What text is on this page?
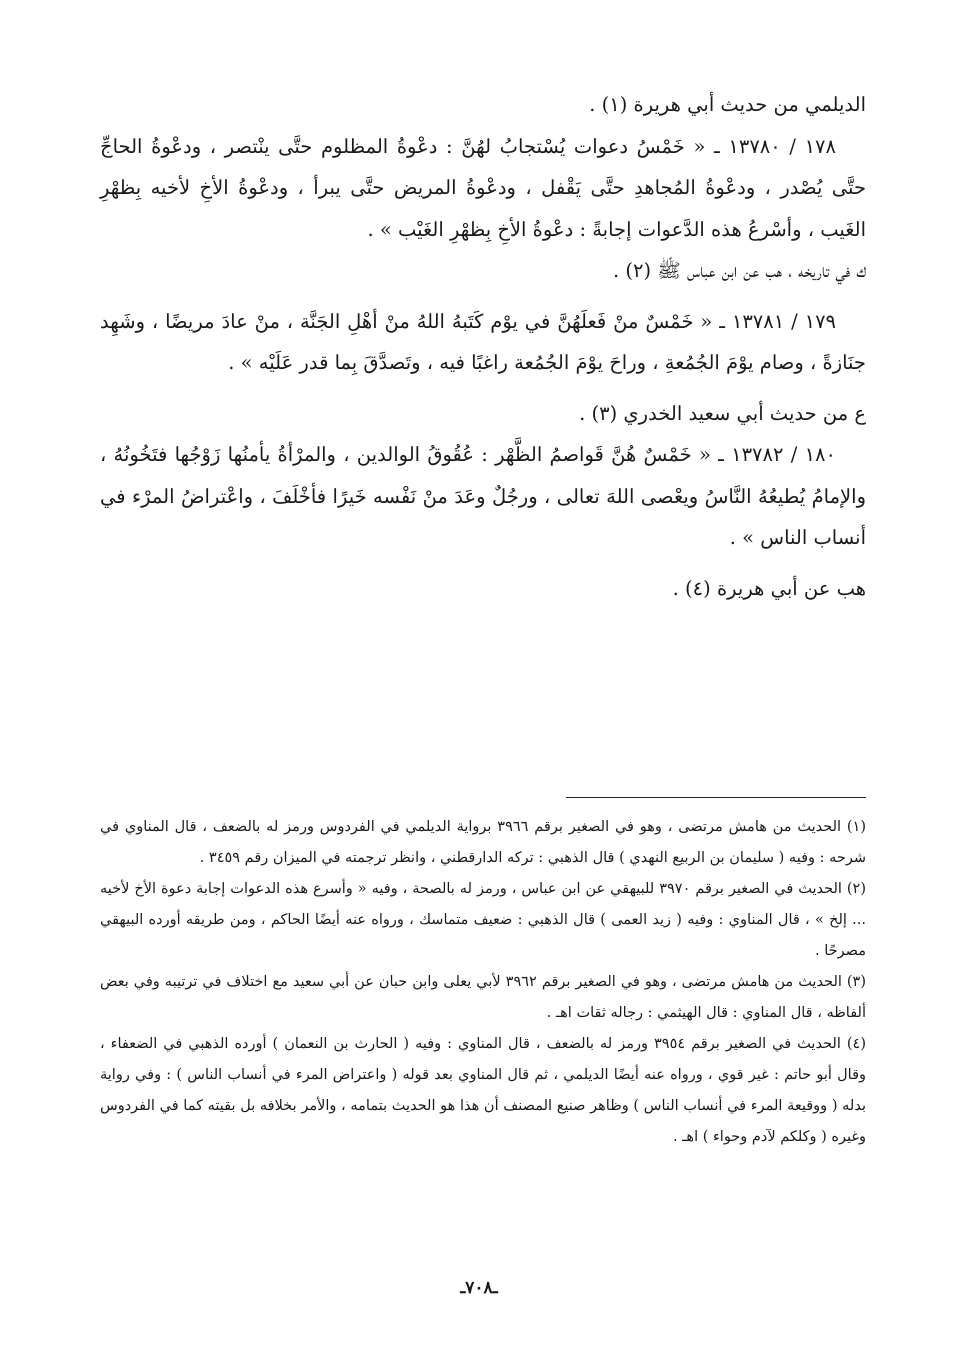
الديلمي من حديث أبي هريرة (١) .

١٧٨ / ١٣٧٨٠ ـ « خَمْسُ دعوات يُسْتجابُ لهُنَّ : دعْوةُ المظلوم حتَّى ينْتصر ، ودعْوةُ الحاجِّ حتَّى يُصْدر ، ودعْوةُ المُجاهدِ حتَّى يَقْفل ، ودعْوةُ المريض حتَّى يبرأ ، ودعْوةُ الأخِ لأخيه بِظهْرِ الغَيب ، وأسْرعُ هذه الدَّعوات إجابةً : دعْوةُ الأخِ بِظهْرِ الغَيْب » .

ك في تاريخه ، هب عن ابن عباس ﷺ (٢) .

١٧٩ / ١٣٧٨١ ـ « خَمْسٌ منْ فَعلَهُنَّ في يوْم كَتَبهُ اللهُ منْ أهْلِ الجَنَّة ، منْ عادَ مريضًا ، وشَهِد جنَازةً ، وصام يوْمَ الجُمُعةِ ، وراحَ يوْمَ الجُمُعة راغبًا فيه ، وتَصدَّقَ بِما قدر عَلَيْه » .

ع من حديث أبي سعيد الخدري (٣) .

١٨٠ / ١٣٧٨٢ ـ « خَمْسٌ هُنَّ قَواصمُ الظَّهْر : عُقُوقُ الوالدين ، والمرْأةُ يأمنُها زَوْجُها فتَخُونُهُ ، والإمامُ يُطيعُهُ النَّاسُ ويعْصى اللهَ تعالى ، ورجُلٌ وعَدَ منْ نَفْسه خَيرًا فأخْلَفَ ، واعْتراضُ المرْء في أنساب الناس » .

هب عن أبي هريرة (٤) .

(١) الحديث من هامش مرتضى ، وهو في الصغير برقم ٣٩٦٦ برواية الديلمي في الفردوس ورمز له بالضعف ، قال المناوي في شرحه : وفيه ( سليمان بن الربيع النهدي ) قال الذهبي : تركه الدارقطني ، وانظر ترجمته في الميزان رقم ٣٤٥٩ .

(٢) الحديث في الصغير برقم ٣٩٧٠ للبيهقي عن ابن عباس ، ورمز له بالصحة ، وفيه « وأسرع هذه الدعوات إجابة دعوة الأخ لأخيه ... إلخ » ، قال المناوي : وفيه ( زيد العمى ) قال الذهبي : ضعيف متماسك ، ورواه عنه أيضًا الحاكم ، ومن طريقه أورده البيهقي مصرحًا .

(٣) الحديث من هامش مرتضى ، وهو في الصغير برقم ٣٩٦٢ لأبي يعلى وابن حبان عن أبي سعيد مع اختلاف في ترتيبه وفي بعض ألفاظه ، قال المناوي : قال الهيثمي : رجاله ثقات اهـ .

(٤) الحديث في الصغير برقم ٣٩٥٤ ورمز له بالضعف ، قال المناوي : وفيه ( الحارث بن النعمان ) أورده الذهبي في الضعفاء ، وقال أبو حاتم : غير قوي ، ورواه عنه أيضًا الديلمي ، ثم قال المناوي بعد قوله ( واعتراض المرء في أنساب الناس ) : وفي رواية بدله ( ووقيعة المرء في أنساب الناس ) وظاهر صنيع المصنف أن هذا هو الحديث بتمامه ، والأمر بخلافه بل بقيته كما في الفردوس وغيره ( وكلكم لآدم وحواء ) اهـ .

ـ٧٠٨ـ
